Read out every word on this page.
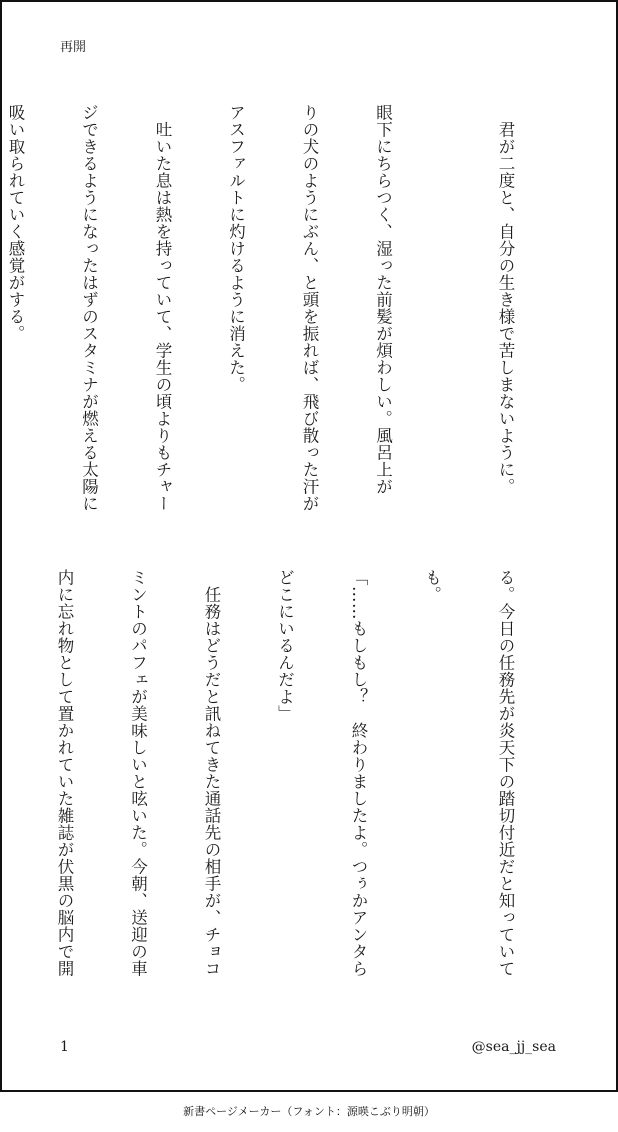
再開

　君が二度と、自分の生き様で苦しまないように。

眼下にちらつく、湿った前髪が煩わしい。風呂上が

りの犬のようにぶん、と頭を振れば、飛び散った汗が

アスファルトに灼けるように消えた。

　吐いた息は熱を持っていて、学生の頃よりもチャー

ジできるようになったはずのスタミナが燃える太陽に

吸い取られていく感覚がする。

る。今日の任務先が炎天下の踏切付近だと知っていて

も。

「……もしもし？　終わりましたよ。つぅかアンタら

どこにいるんだよ」

　任務はどうだと訊ねてきた通話先の相手が、チョコ

ミントのパフェが美味しいと呟いた。今朝、送迎の車

内に忘れ物として置かれていた雑誌が伏黒の脳内で開

1	@sea_jj_sea
新書ページメーカー（フォント：源暎こぶり明朝）
